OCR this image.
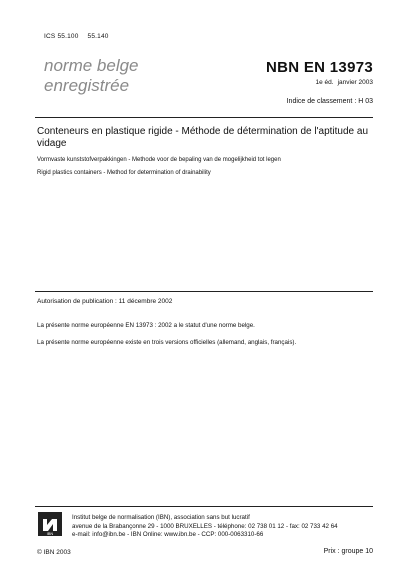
ICS 55.100 55.140
norme belge
enregistrée
NBN EN 13973
1e éd. janvier 2003
Indice de classement : H 03
Conteneurs en plastique rigide - Méthode de détermination de l'aptitude au vidage
Vormvaste kunststofverpakkingen - Methode voor de bepaling van de mogelijkheid tot legen
Rigid plastics containers - Method for determination of drainability
Autorisation de publication : 11 décembre 2002
La présente norme européenne EN 13973 : 2002 a le statut d'une norme belge.
La présente norme européenne existe en trois versions officielles (allemand, anglais, français).
IBN
Institut belge de normalisation (IBN), association sans but lucratif
avenue de la Brabançonne 29 - 1000 BRUXELLES - téléphone: 02 738 01 12 - fax: 02 733 42 64
e-mail: info@ibn.be - IBN Online: www.ibn.be - CCP: 000-0063310-66
© IBN 2003	Prix : groupe 10
